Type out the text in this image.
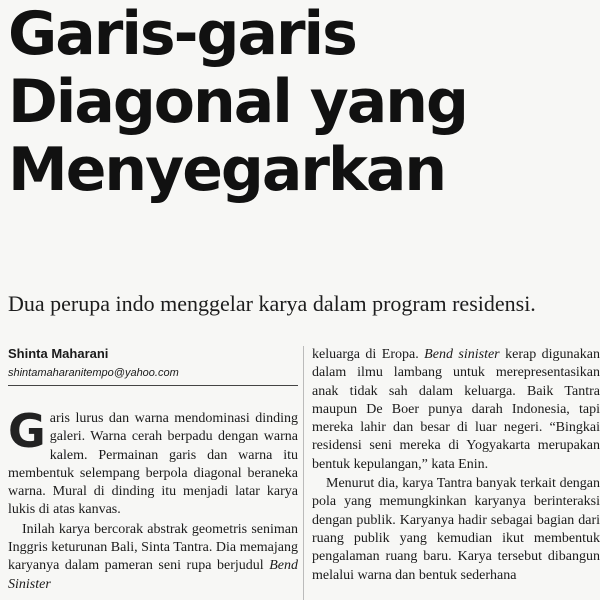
Garis-garis
Diagonal yang
Menyegarkan
Dua perupa indo menggelar karya dalam program residensi.
Shinta Maharani
shintamaharanitempo@yahoo.com

Garis lurus dan warna mendominasi dinding galeri. Warna cerah berpadu dengan warna kalem. Permainan garis dan warna itu membentuk selempang berpola diagonal beraneka warna. Mural di dinding itu menjadi latar karya lukis di atas kanvas.

Inilah karya bercorak abstrak geometris seniman Inggris keturunan Bali, Sinta Tantra. Dia memajang karyanya dalam pameran seni rupa berjudul Bend Sinister

keluarga di Eropa. Bend sinister kerap digunakan dalam ilmu lambang untuk merepresentasikan anak tidak sah dalam keluarga. Baik Tantra maupun De Boer punya darah Indonesia, tapi mereka lahir dan besar di luar negeri. “Bingkai residensi seni mereka di Yogyakarta merupakan bentuk kepulangan,” kata Enin.

Menurut dia, karya Tantra banyak terkait dengan pola yang memungkinkan karyanya berinteraksi dengan publik. Karyanya hadir sebagai bagian dari ruang publik yang kemudian ikut membentuk pengalaman ruang baru. Karya tersebut dibangun melalui warna dan bentuk sederhana
